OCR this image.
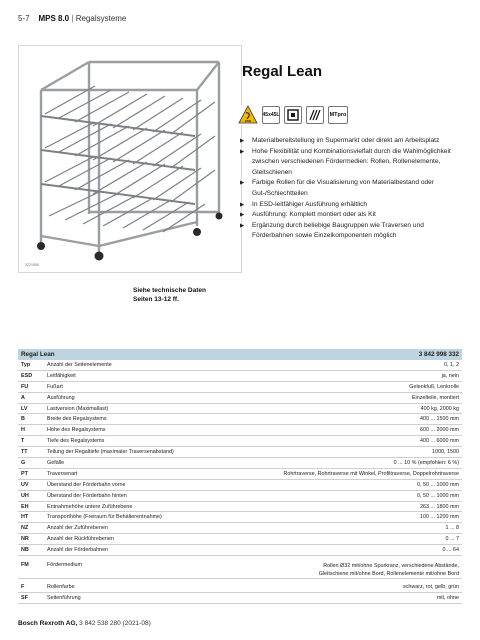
5-7 MPS 8.0 | Regalsysteme
3Z21888
Siehe technische Daten
Seiten 13-12 ff.
Regal Lean
ESD
45x45L	MTpro
▶ Materialbereitstellung im Supermarkt oder direkt am Arbeitsplatz
▶ Hohe Flexibilität und Kombinationsvielfalt durch die Wahlmöglichkeit zwischen verschiedenen Fördermedien: Rollen, Rollenelemente, Gleitschienen
▶ Farbige Rollen für die Visualisierung von Materialbestand oder Gut-/Schlechtteilen
▶ In ESD-leitfähiger Ausführung erhältlich
▶ Ausführung: Komplett montiert oder als Kit
▶ Ergänzung durch beliebige Baugruppen wie Traversen und Förderbahnen sowie Einzelkomponenten möglich
Regal Lean	3 842 998 332
Typ	Anzahl der Seitenelemente	0, 1, 2
ESD	Leitfähigkeit	ja, nein
FU	Fußart	Gelenkfuß, Lenkrolle
A	Ausführung	Einzelteile, montiert
LV	Lastversion (Maximallast)	400 kg, 2000 kg
B	Breite des Regalsystems	400 ... 1500 mm
H	Höhe des Regalsystems	600 ... 2000 mm
T	Tiefe des Regalsystems	400 ... 6000 mm
TT	Teilung der Regaltiefe (maximaler Traversenabstand)	1000, 1500
G	Gefälle	0 ... 10 % (empfohlen: 6 %)
PT	Traversenart	Rohrtraverse, Rohrtraverse mit Winkel, Profiltraverse, Doppelrohrtraverse
UV	Überstand der Förderbahn vorne	0, 50 ... 1000 mm
UH	Überstand der Förderbahn hinten	0, 50 ... 1000 mm
EH	Entnahmehöhe untere Zuführebene	263 ... 1800 mm
HT	Transporthöhe (Freiraum für Behälterentnahme)	100 ... 1200 mm
NZ	Anzahl der Zuführebenen	1 ... 8
NR	Anzahl der Rückführebenen	0 ... 7
NB	Anzahl der Förderbahnen	0 ... 64
FM	Fördermedium	Rollen Ø32 mit/ohne Spurkranz, verschiedene Abstände,
Gleitschiene mit/ohne Bord, Rollenelemente mit/ohne Bord
F	Rollenfarbe	schwarz, rot, gelb, grün
SF	Seitenführung	mit, ohne
Bosch Rexroth AG, 3 842 538 280 (2021-08)
